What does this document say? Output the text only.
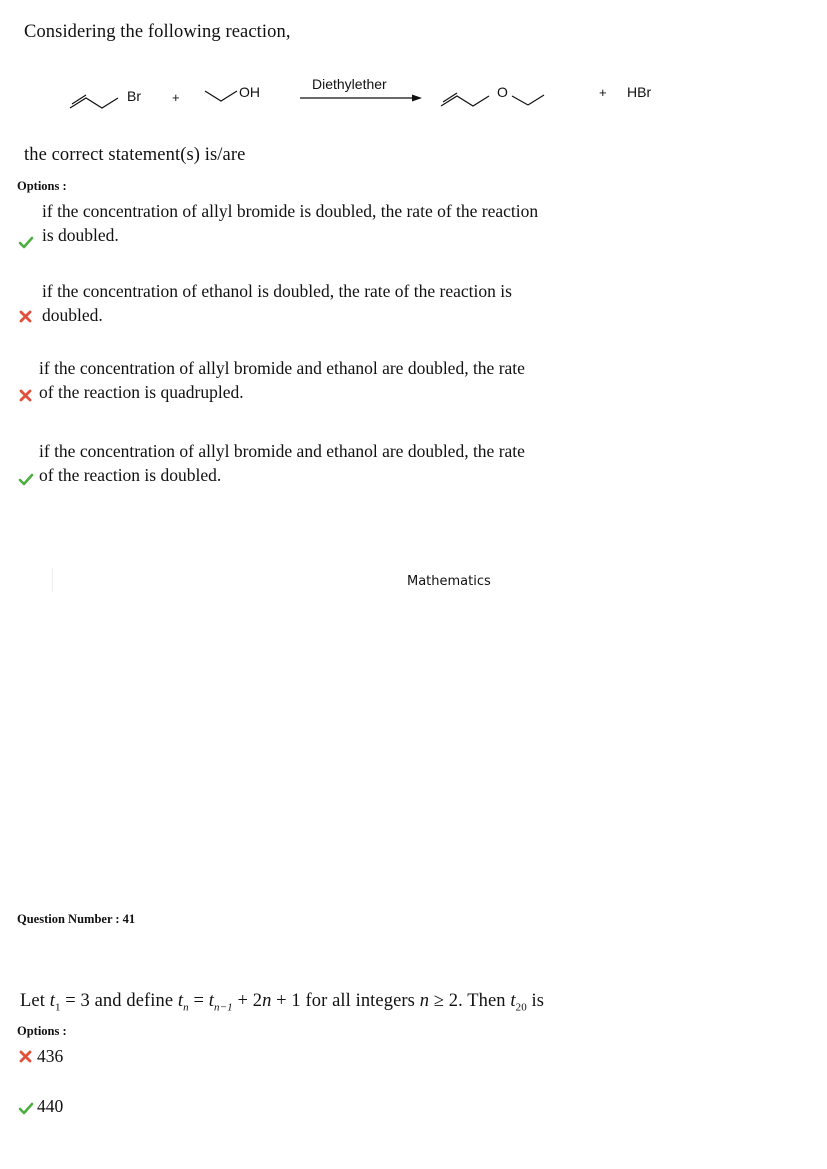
Considering the following reaction,
Br +	OH	Diethylether	O	+ HBr
the correct statement(s) is/are
Options :
if the concentration of allyl bromide is doubled, the rate of the reaction
is doubled.
if the concentration of ethanol is doubled, the rate of the reaction is
doubled.
if the concentration of allyl bromide and ethanol are doubled, the rate
of the reaction is quadrupled.
if the concentration of allyl bromide and ethanol are doubled, the rate
of the reaction is doubled.
Mathematics
Question Number : 41
Let $t_1 = 3$ and define $t_n = t_{n-1} + 2n + 1$ for all integers n ≥ 2. Then $t_{20}$ is
Options :
436
440
